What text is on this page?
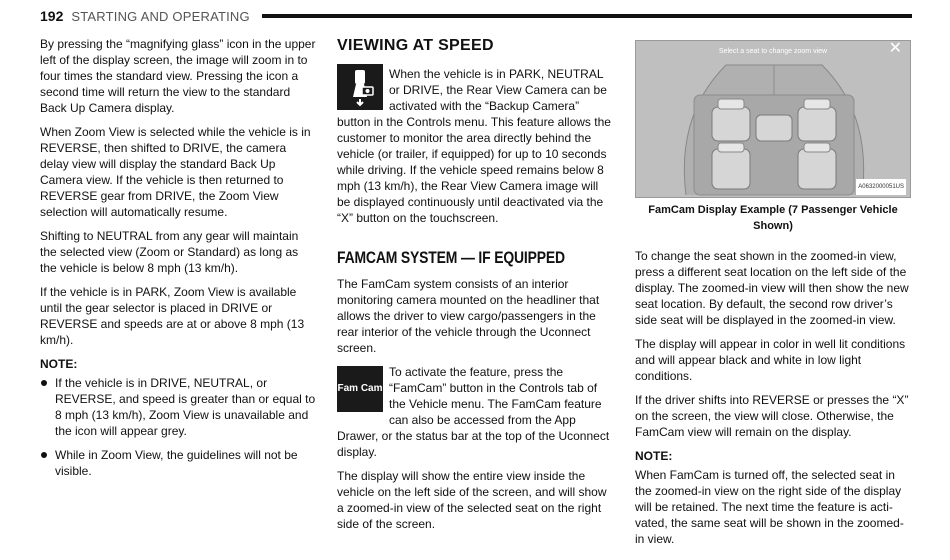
192 STARTING AND OPERATING

By pressing the “magnifying glass” icon in the upper left of the display screen, the image will zoom in to four times the standard view. Pressing the icon a second time will return the view to the standard Back Up Camera display.

When Zoom View is selected while the vehicle is in REVERSE, then shifted to DRIVE, the camera delay view will display the standard Back Up Camera view. If the vehicle is then returned to REVERSE gear from DRIVE, the Zoom View selection will automatically resume.

Shifting to NEUTRAL from any gear will maintain the selected view (Zoom or Standard) as long as the vehicle is below 8 mph (13 km/h).

If the vehicle is in PARK, Zoom View is available until the gear selector is placed in DRIVE or REVERSE and speeds are at or above 8 mph (13 km/h).

NOTE:
If the vehicle is in DRIVE, NEUTRAL, or REVERSE, and speed is greater than or equal to 8 mph (13 km/h), Zoom View is unavailable and the icon will appear grey.
While in Zoom View, the guidelines will not be visible.
VIEWING AT SPEED

When the vehicle is in PARK, NEUTRAL or DRIVE, the Rear View Camera can be activated with the “Backup Camera” button in the Controls menu. This feature allows the customer to monitor the area directly behind the vehicle (or trailer, if equipped) for up to 10 seconds while driving. If the vehicle speed remains below 8 mph (13 km/h), the Rear View Camera image will be displayed continuously until deactivated via the “X” button on the touchscreen.

FAMCAM SYSTEM — IF EQUIPPED

The FamCam system consists of an interior monitoring camera mounted on the headliner that allows the driver to view cargo/passengers in the rear interior of the vehicle through the Uconnect screen.

Fam Cam

To activate the feature, press the “FamCam” button in the Controls tab of the Vehicle menu. The FamCam feature can also be accessed from the App Drawer, or the status bar at the top of the Uconnect display.

The display will show the entire view inside the vehicle on the left side of the screen, and will show a zoomed-in view of the selected seat on the right side of the screen.

Select a seat to change zoom view	✕
A0632000051US
FamCam Display Example (7 Passenger Vehicle Shown)

To change the seat shown in the zoomed-in view, press a different seat location on the left side of the display. The zoomed-in view will then show the new seat location. By default, the second row driver’s side seat will be displayed in the zoomed-in view.

The display will appear in color in well lit conditions and will appear black and white in low light conditions.

If the driver shifts into REVERSE or presses the “X” on the screen, the view will close. Otherwise, the FamCam view will remain on the display.

NOTE:

When FamCam is turned off, the selected seat in the zoomed-in view on the right side of the display will be retained. The next time the feature is acti-vated, the same seat will be shown in the zoomed-in view.
